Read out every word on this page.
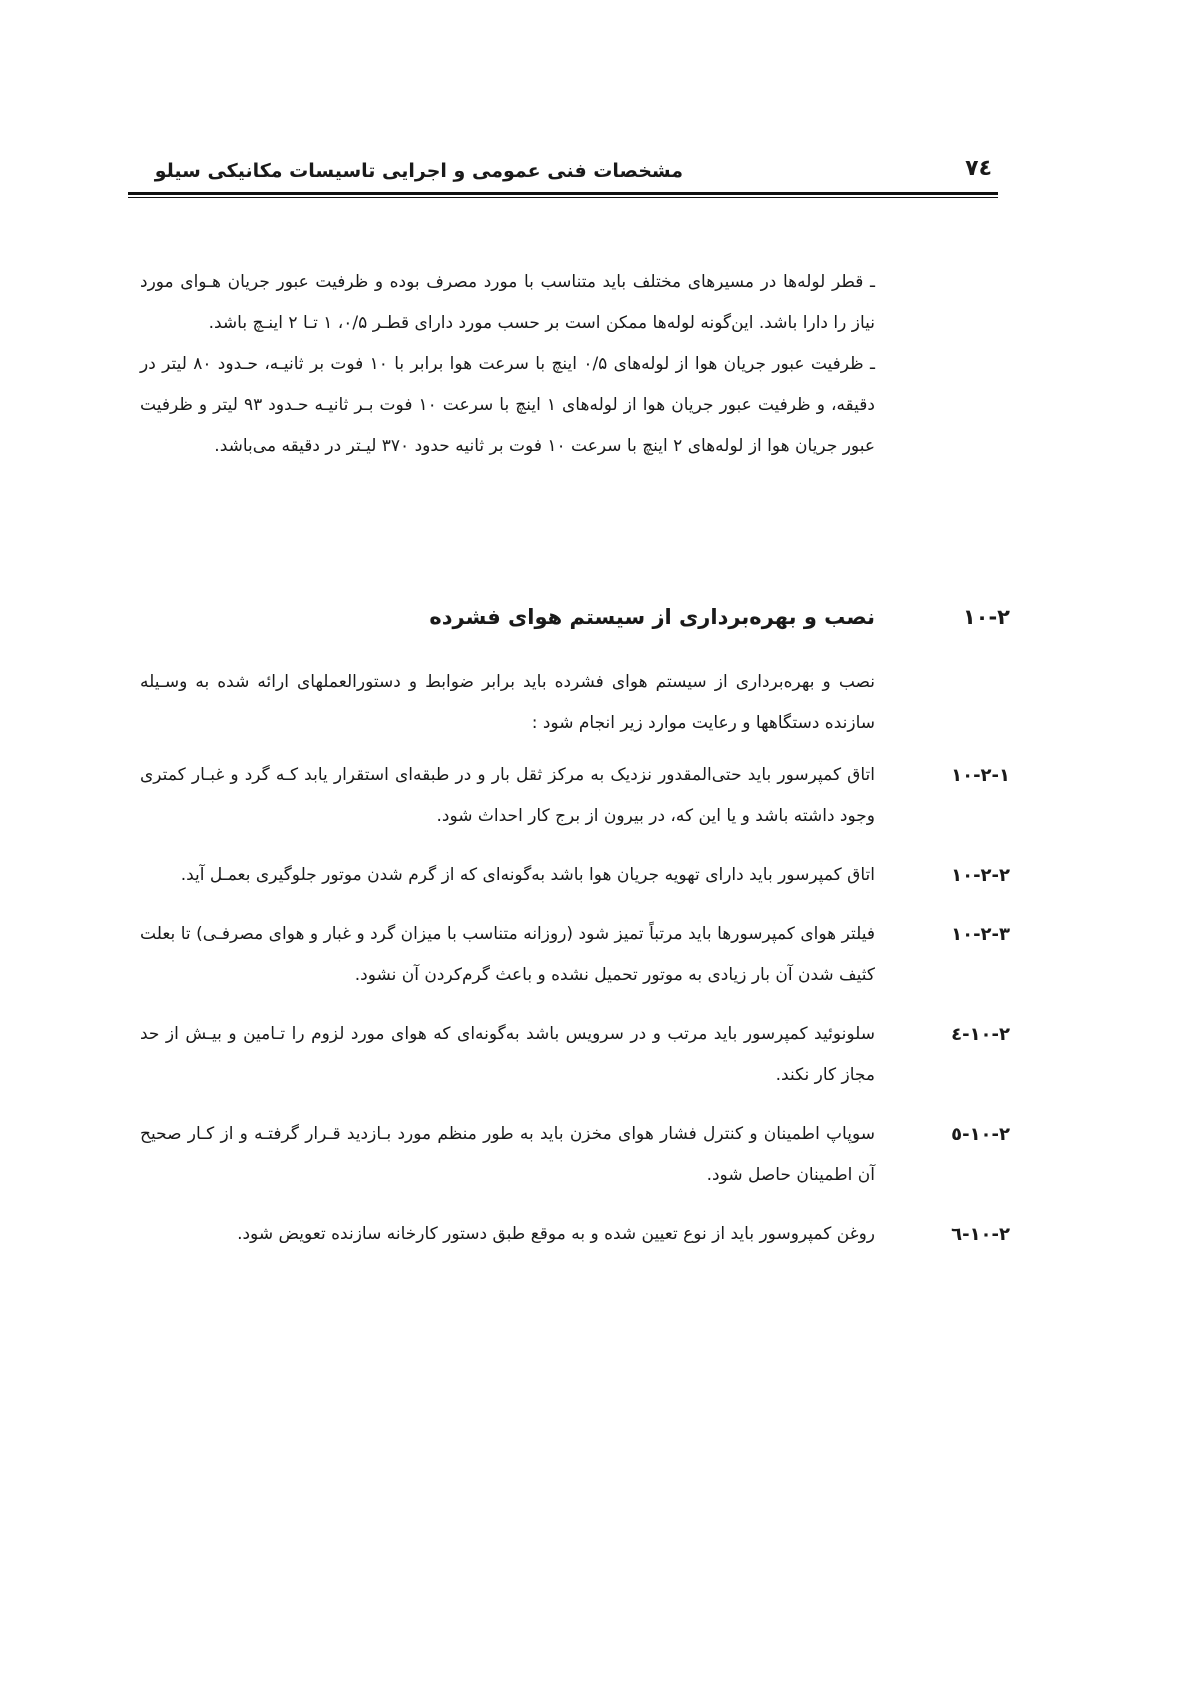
مشخصات فنی عمومی و اجرایی تاسیسات مکانیکی سیلو	۷٤

ـ قطر لوله‌ها در مسیرهای مختلف باید متناسب با مورد مصرف بوده و ظرفیت عبور جریان هـوای مورد نیاز را دارا باشد. این‌گونه لوله‌ها ممکن است بر حسب مورد دارای قطـر ۰/۵، ۱ تـا ۲ اینـچ باشد.

ـ ظرفیت عبور جریان هوا از لوله‌های ۰/۵ اینچ با سرعت هوا برابر با ۱۰ فوت بر ثانیـه، حـدود ۸۰ لیتر در دقیقه، و ظرفیت عبور جریان هوا از لوله‌های ۱ اینچ با سرعت ۱۰ فوت بـر ثانیـه حـدود ۹۳ لیتر و ظرفیت عبور جریان هوا از لوله‌های ۲ اینچ با سرعت ۱۰ فوت بر ثانیه حدود ۳۷۰ لیـتر در دقیقه می‌باشد.

۱۰-۲
نصب و بهره‌برداری از سیستم هوای فشرده

نصب و بهره‌برداری از سیستم هوای فشرده باید برابر ضوابط و دستورالعملهای ارائه شده به وسـیله سازنده دستگاهها و رعایت موارد زیر انجام شود :

۱۰-۲-۱
اتاق کمپرسور باید حتی‌المقدور نزدیک به مرکز ثقل بار و در طبقه‌ای استقرار یابد کـه گرد و غبـار کمتری وجود داشته باشد و یا این که، در بیرون از برج کار احداث شود.
۱۰-۲-۲
اتاق کمپرسور باید دارای تهویه جریان هوا باشد به‌گونه‌ای که از گرم شدن موتور جلوگیری بعمـل آید.
۱۰-۲-۳
فیلتر هوای کمپرسورها باید مرتباً تمیز شود (روزانه متناسب با میزان گرد و غبار و هوای مصرفـی) تا بعلت کثیف شدن آن بار زیادی به موتور تحمیل نشده و باعث گرم‌کردن آن نشود.
۱۰-۲-٤
سلونوئید کمپرسور باید مرتب و در سرویس باشد به‌گونه‌ای که هوای مورد لزوم را تـامین و بیـش از حد مجاز کار نکند.
۱۰-۲-٥
سوپاپ اطمینان و کنترل فشار هوای مخزن باید به طور منظم مورد بـازدید قـرار گرفتـه و از کـار صحیح آن اطمینان حاصل شود.
۱۰-۲-٦
روغن کمپروسور باید از نوع تعیین شده و به موقع طبق دستور کارخانه سازنده تعویض شود.
